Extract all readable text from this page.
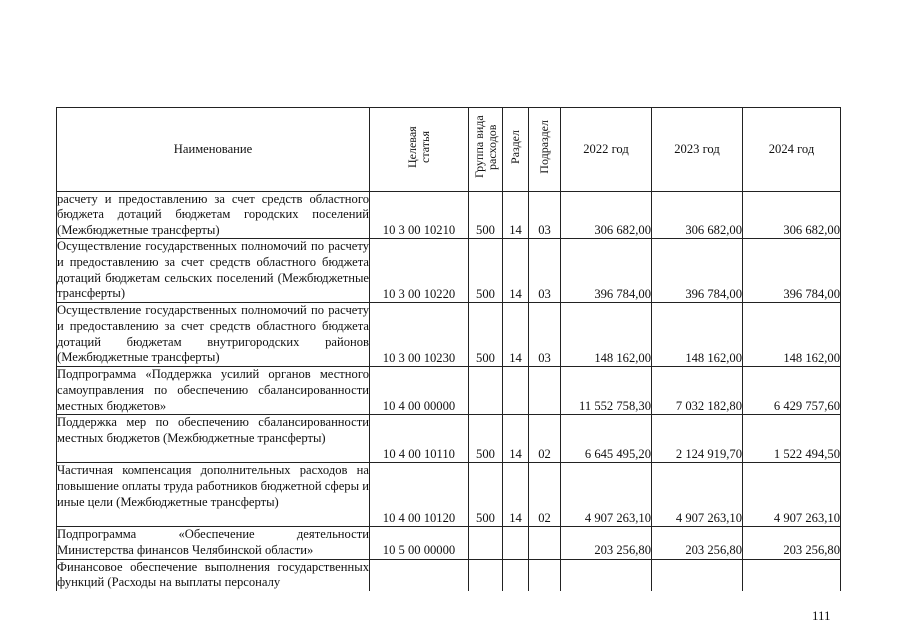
Наименование	Целевая статья	Группа вида расходов	Раздел	Подраздел	2022 год	2023 год	2024 год
расчету и предоставлению за счет средств областного бюджета дотаций бюджетам городских поселений (Межбюджетные трансферты)	10 3 00 10210	500	14	03	306 682,00	306 682,00	306 682,00
Осуществление государственных полномочий по расчету и предоставлению за счет средств областного бюджета дотаций бюджетам сельских поселений (Межбюджетные трансферты)	10 3 00 10220	500	14	03	396 784,00	396 784,00	396 784,00
Осуществление государственных полномочий по расчету и предоставлению за счет средств областного бюджета дотаций бюджетам внутригородских районов (Межбюджетные трансферты)	10 3 00 10230	500	14	03	148 162,00	148 162,00	148 162,00
Подпрограмма «Поддержка усилий органов местного самоуправления по обеспечению сбалансированности местных бюджетов»	10 4 00 00000				11 552 758,30	7 032 182,80	6 429 757,60
Поддержка мер по обеспечению сбалансированности местных бюджетов (Межбюджетные трансферты)	10 4 00 10110	500	14	02	6 645 495,20	2 124 919,70	1 522 494,50
Частичная компенсация дополнительных расходов на повышение оплаты труда работников бюджетной сферы и иные цели (Межбюджетные трансферты)	10 4 00 10120	500	14	02	4 907 263,10	4 907 263,10	4 907 263,10
Подпрограмма «Обеспечение деятельности Министерства финансов Челябинской области»	10 5 00 00000				203 256,80	203 256,80	203 256,80
Финансовое обеспечение выполнения государственных функций (Расходы на выплаты персоналу							
111
